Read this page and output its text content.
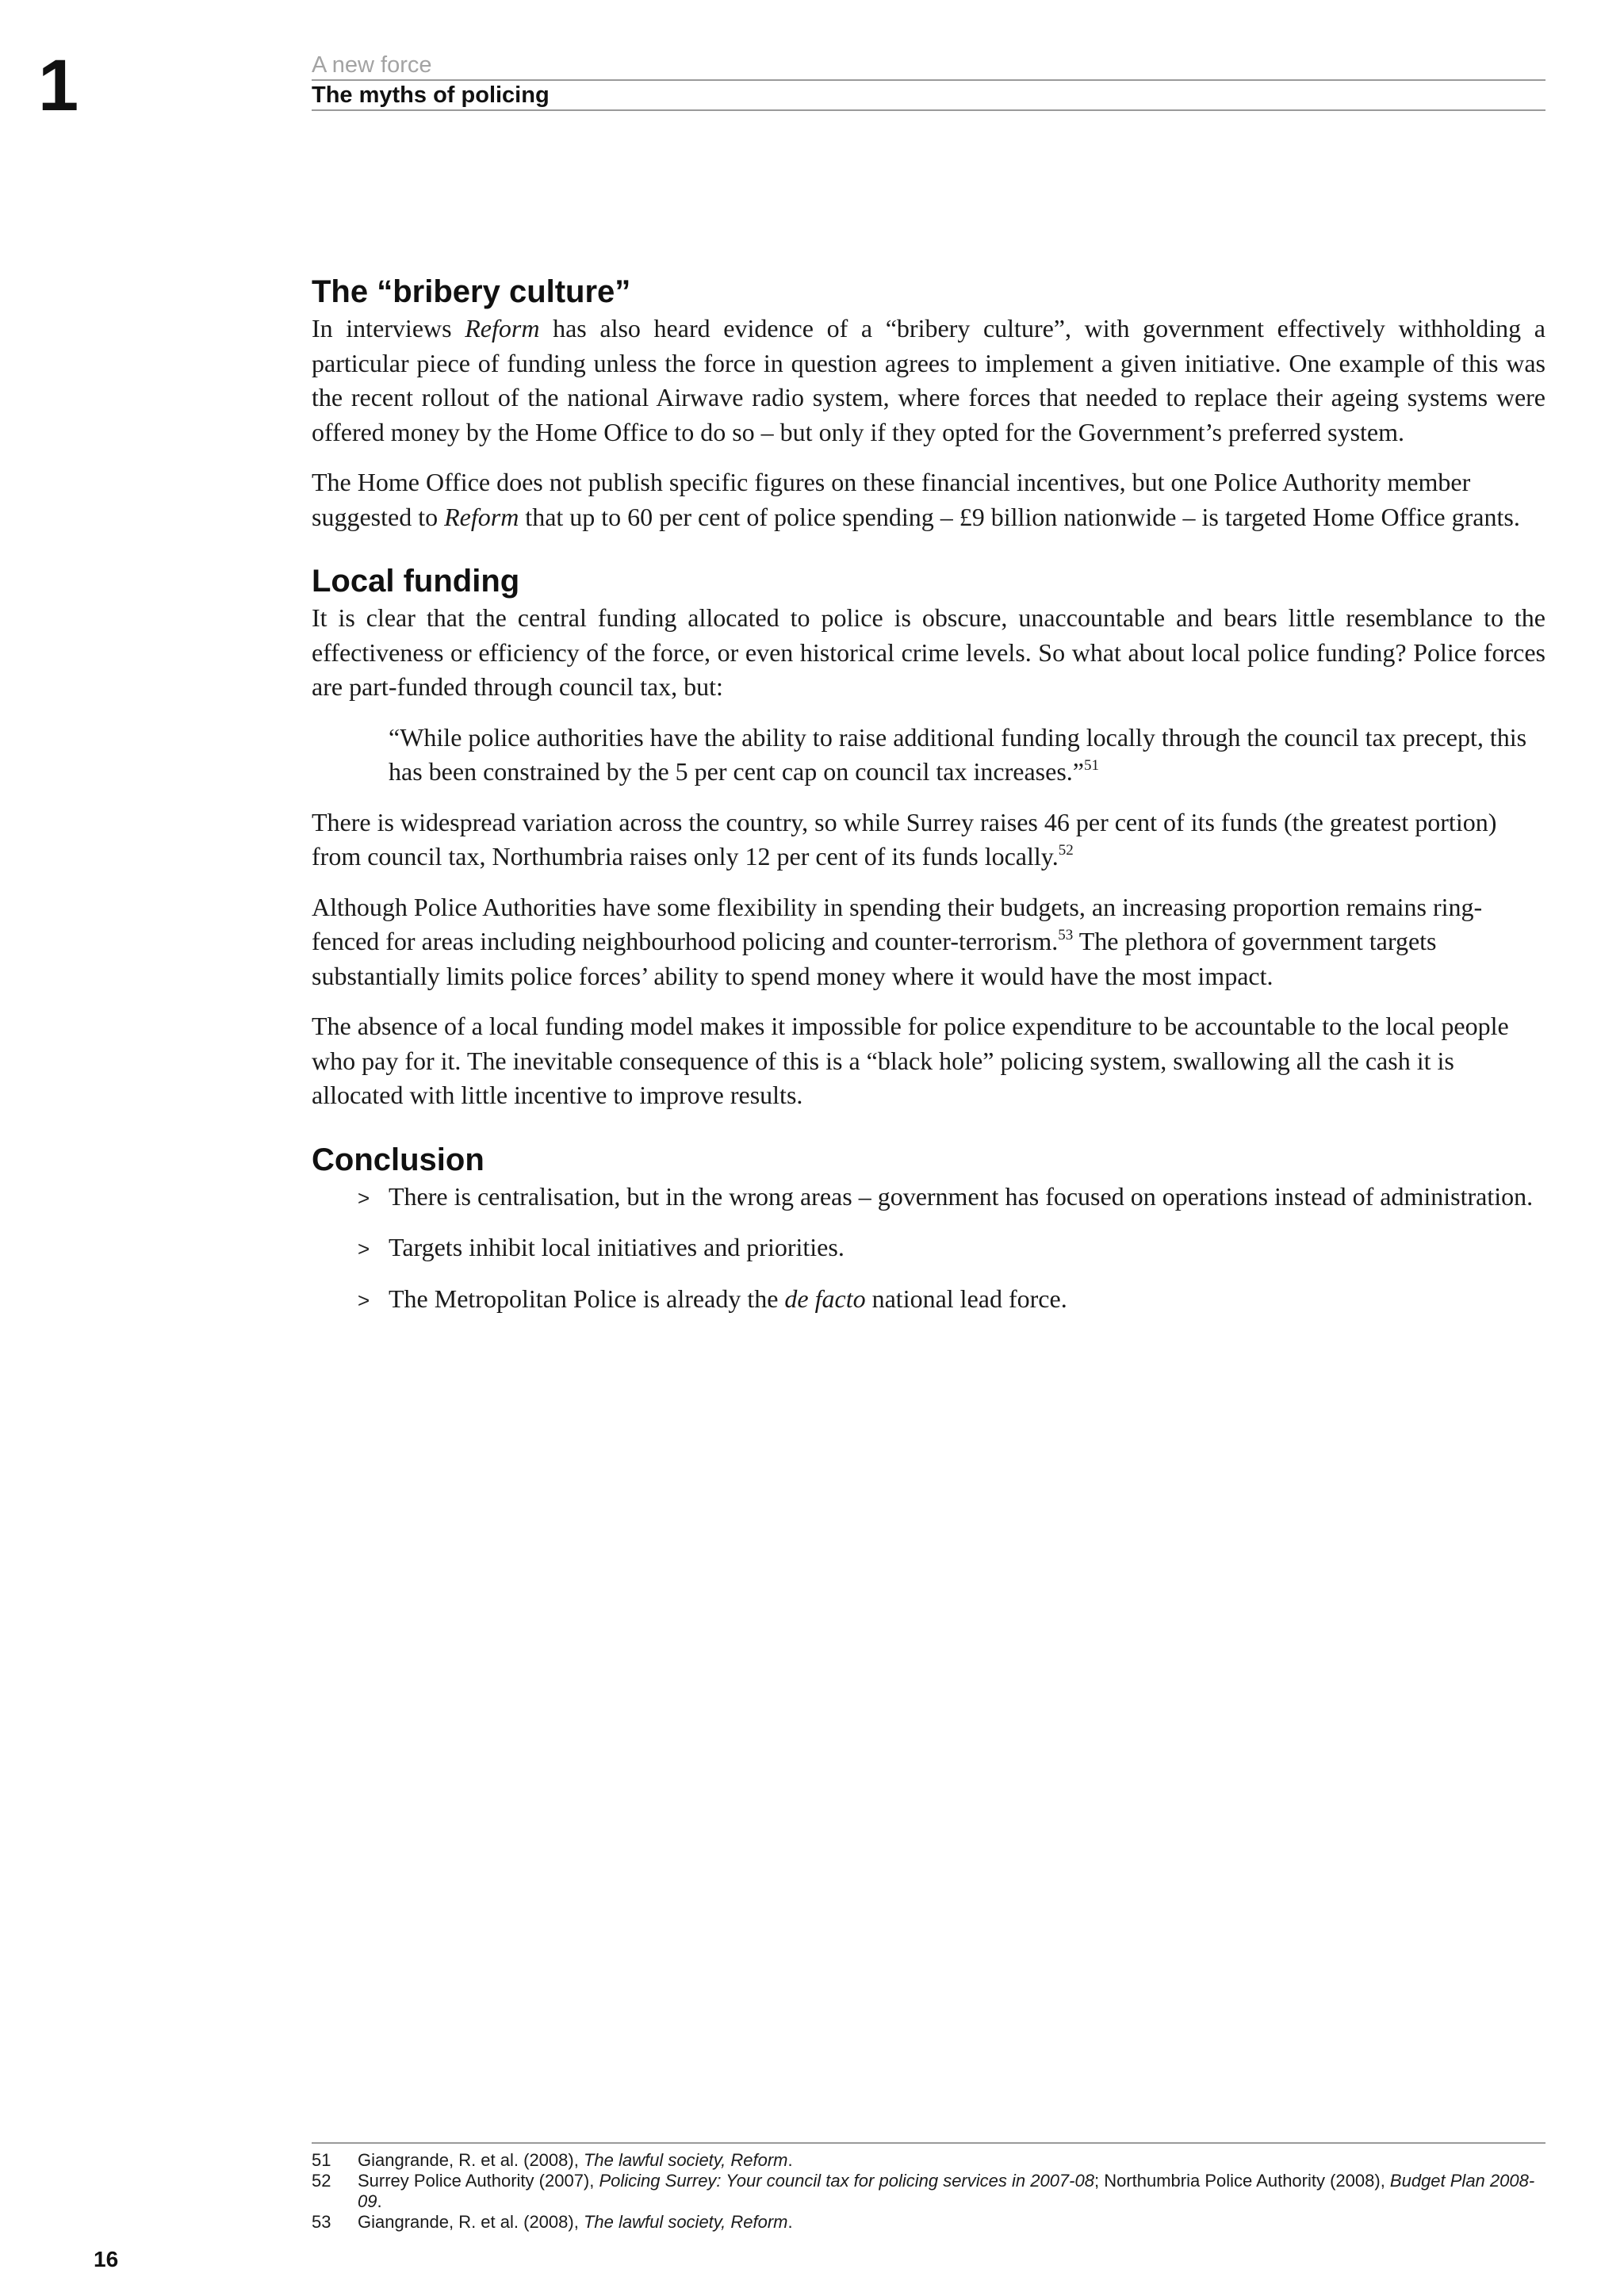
1	A new force
The myths of policing
The “bribery culture”

In interviews Reform has also heard evidence of a “bribery culture”, with government effectively withholding a particular piece of funding unless the force in question agrees to implement a given initiative. One example of this was the recent rollout of the national Airwave radio system, where forces that needed to replace their ageing systems were offered money by the Home Office to do so – but only if they opted for the Government’s preferred system.

The Home Office does not publish specific figures on these financial incentives, but one Police Authority member suggested to Reform that up to 60 per cent of police spending – £9 billion nationwide – is targeted Home Office grants.

Local funding

It is clear that the central funding allocated to police is obscure, unaccountable and bears little resemblance to the effectiveness or efficiency of the force, or even historical crime levels. So what about local police funding? Police forces are part-funded through council tax, but:

“While police authorities have the ability to raise additional funding locally through the council tax precept, this has been constrained by the 5 per cent cap on council tax increases.”$^{51}$

There is widespread variation across the country, so while Surrey raises 46 per cent of its funds (the greatest portion) from council tax, Northumbria raises only 12 per cent of its funds locally.$^{52}$

Although Police Authorities have some flexibility in spending their budgets, an increasing proportion remains ring-fenced for areas including neighbourhood policing and counter-terrorism.$^{53}$ The plethora of government targets substantially limits police forces’ ability to spend money where it would have the most impact.

The absence of a local funding model makes it impossible for police expenditure to be accountable to the local people who pay for it. The inevitable consequence of this is a “black hole” policing system, swallowing all the cash it is allocated with little incentive to improve results.

Conclusion
> There is centralisation, but in the wrong areas – government has focused on operations instead of administration.
> Targets inhibit local initiatives and priorities.
> The Metropolitan Police is already the de facto national lead force.
51	Giangrande, R. et al. (2008), The lawful society, Reform.
52	Surrey Police Authority (2007), Policing Surrey: Your council tax for policing services in 2007-08; Northumbria Police Authority (2008), Budget Plan 2008-09.
53	Giangrande, R. et al. (2008), The lawful society, Reform.
16
